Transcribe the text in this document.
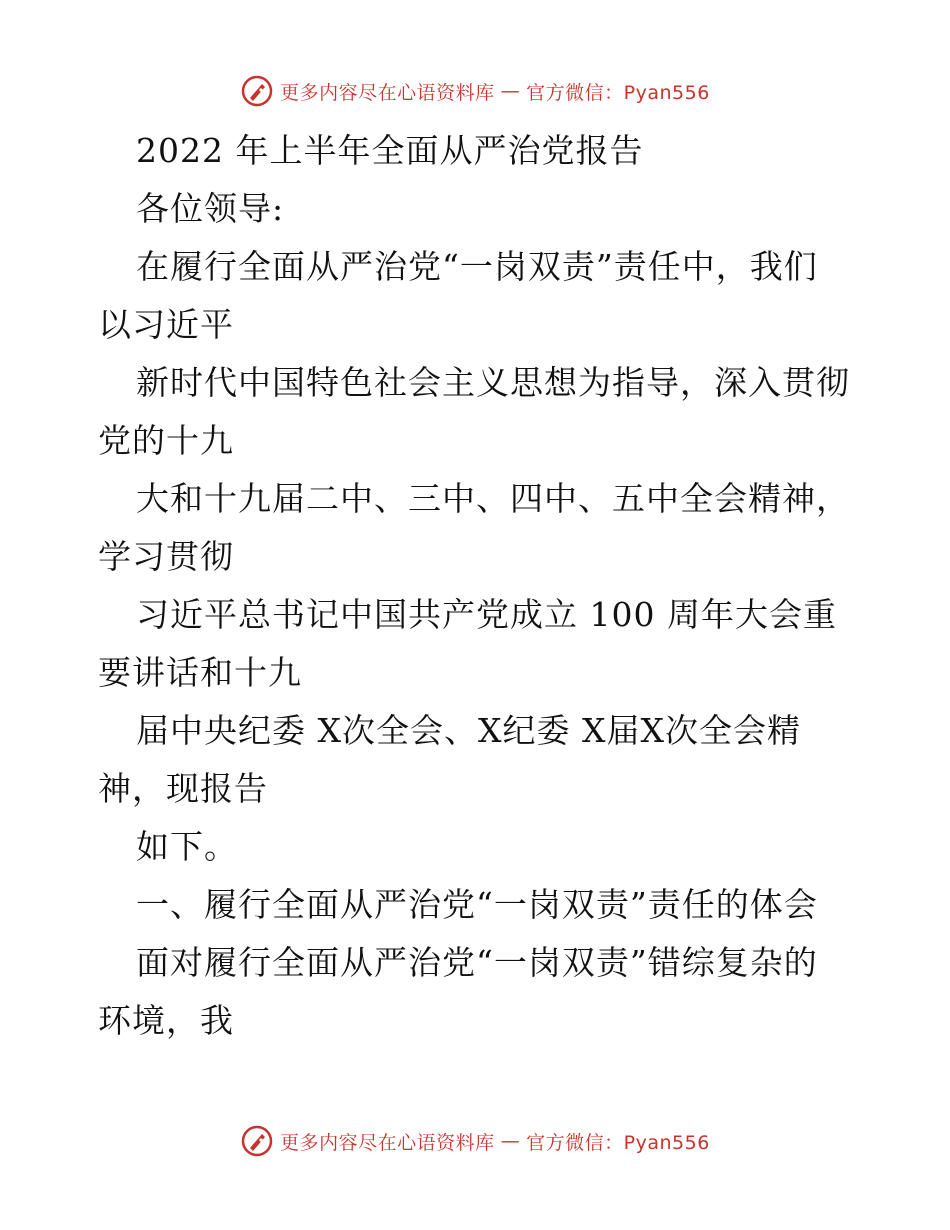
更多内容尽在心语资料库 — 官方微信：Pyan556
2022 年上半年全面从严治党报告
各位领导:
在履行全面从严治党“一岗双责”责任中，我们
以习近平
新时代中国特色社会主义思想为指导，深入贯彻
党的十九
大和十九届二中、三中、四中、五中全会精神，
学习贯彻
习近平总书记中国共产党成立 100 周年大会重
要讲话和十九
届中央纪委 X次全会、X纪委 X届X次全会精
神，现报告
如下。
一、履行全面从严治党“一岗双责”责任的体会
面对履行全面从严治党“一岗双责”错综复杂的
环境，我
更多内容尽在心语资料库 — 官方微信：Pyan556
